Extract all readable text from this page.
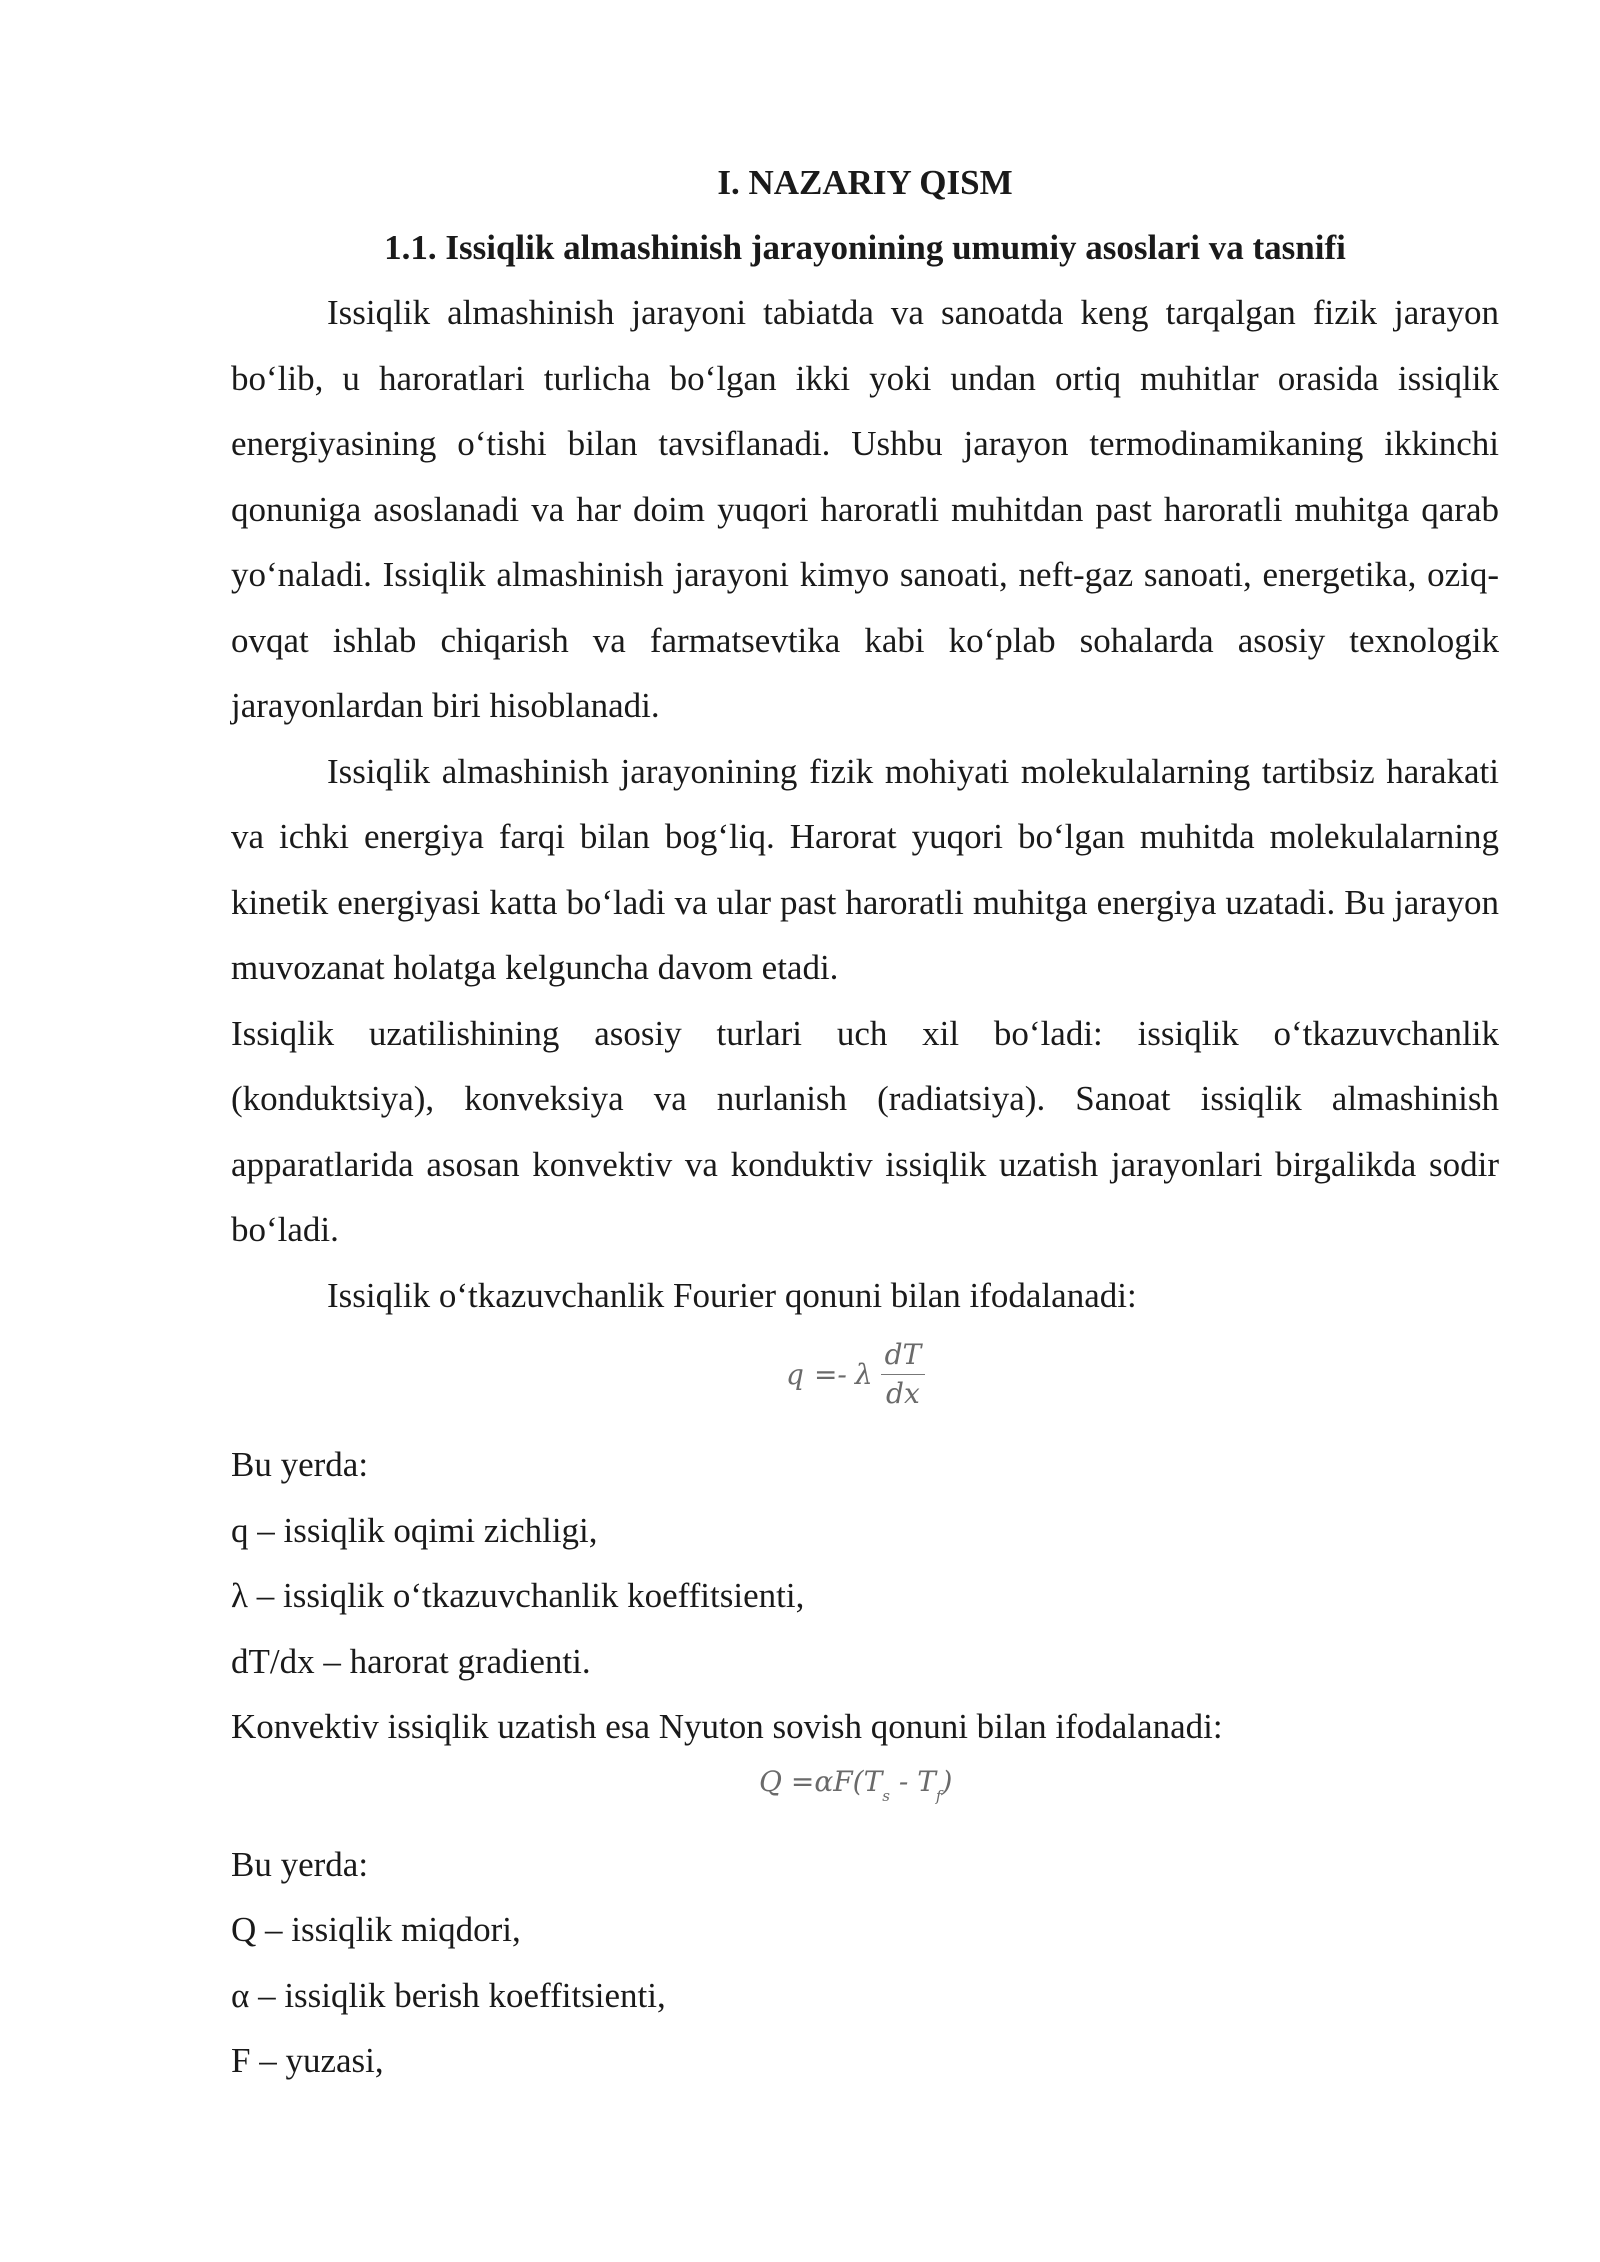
I. NAZARIY QISM

1.1. Issiqlik almashinish jarayonining umumiy asoslari va tasnifi

Issiqlik almashinish jarayoni tabiatda va sanoatda keng tarqalgan fizik jarayon bo‘lib, u haroratlari turlicha bo‘lgan ikki yoki undan ortiq muhitlar orasida issiqlik energiyasining o‘tishi bilan tavsiflanadi. Ushbu jarayon termodinamikaning ikkinchi qonuniga asoslanadi va har doim yuqori haroratli muhitdan past haroratli muhitga qarab yo‘naladi. Issiqlik almashinish jarayoni kimyo sanoati, neft-gaz sanoati, energetika, oziq-ovqat ishlab chiqarish va farmatsevtika kabi ko‘plab sohalarda asosiy texnologik jarayonlardan biri hisoblanadi.

Issiqlik almashinish jarayonining fizik mohiyati molekulalarning tartibsiz harakati va ichki energiya farqi bilan bog‘liq. Harorat yuqori bo‘lgan muhitda molekulalarning kinetik energiyasi katta bo‘ladi va ular past haroratli muhitga energiya uzatadi. Bu jarayon muvozanat holatga kelguncha davom etadi.

Issiqlik uzatilishining asosiy turlari uch xil bo‘ladi: issiqlik o‘tkazuvchanlik (konduktsiya), konveksiya va nurlanish (radiatsiya). Sanoat issiqlik almashinish apparatlarida asosan konvektiv va konduktiv issiqlik uzatish jarayonlari birgalikda sodir bo‘ladi.

Issiqlik o‘tkazuvchanlik Fourier qonuni bilan ifodalanadi:

q =- λ $\frac{dT}{dx}$

Bu yerda:

q – issiqlik oqimi zichligi,

λ – issiqlik o‘tkazuvchanlik koeffitsienti,

dT/dx – harorat gradienti.

Konvektiv issiqlik uzatish esa Nyuton sovish qonuni bilan ifodalanadi:

$Q =\alpha F(T_s - T_f)$

Bu yerda:

Q – issiqlik miqdori,

α – issiqlik berish koeffitsienti,

F – yuzasi,
